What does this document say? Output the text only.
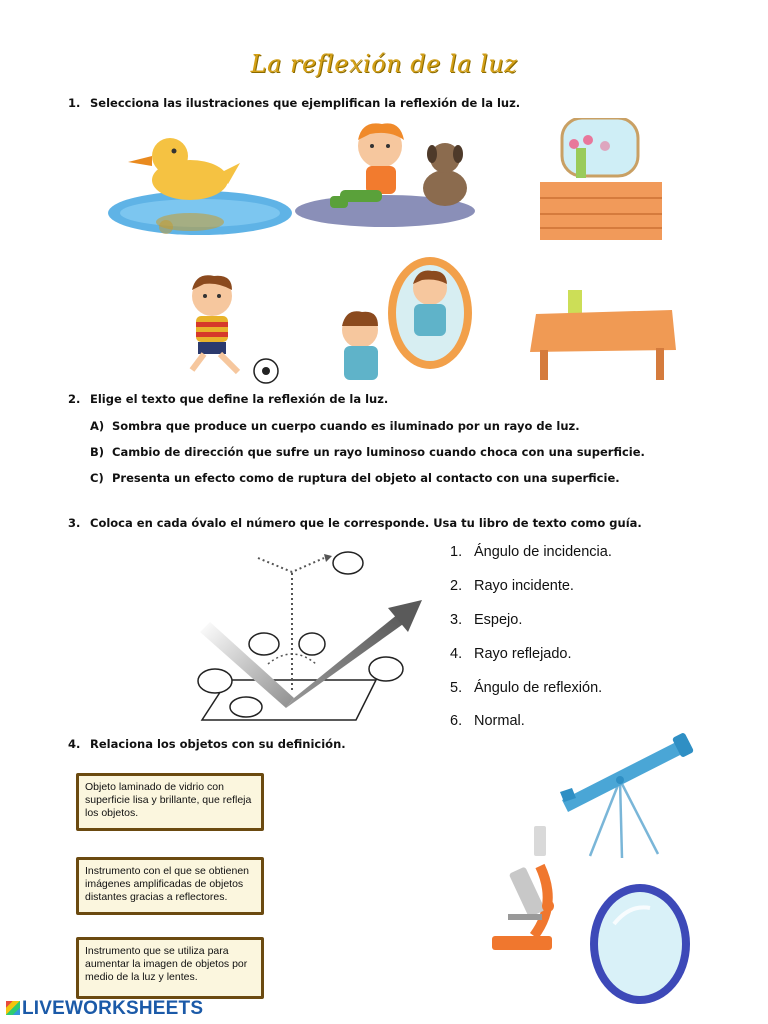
La reflexión de la luz
1. Selecciona las ilustraciones que ejemplifican la reflexión de la luz.
2. Elige el texto que define la reflexión de la luz.
A) Sombra que produce un cuerpo cuando es iluminado por un rayo de luz.
B) Cambio de dirección que sufre un rayo luminoso cuando choca con una superficie.
C) Presenta un efecto como de ruptura del objeto al contacto con una superficie.
3. Coloca en cada óvalo el número que le corresponde. Usa tu libro de texto como guía.
1. Ángulo de incidencia.
2. Rayo incidente.
3. Espejo.
4. Rayo reflejado.
5. Ángulo de reflexión.
6. Normal.
4. Relaciona los objetos con su definición.
Objeto laminado de vidrio con superficie lisa y brillante, que refleja los objetos.
Instrumento con el que se obtienen imágenes amplificadas de objetos distantes gracias a reflectores.
Instrumento que se utiliza para aumentar la imagen de objetos por medio de la luz y lentes.
LIVEWORKSHEETS
